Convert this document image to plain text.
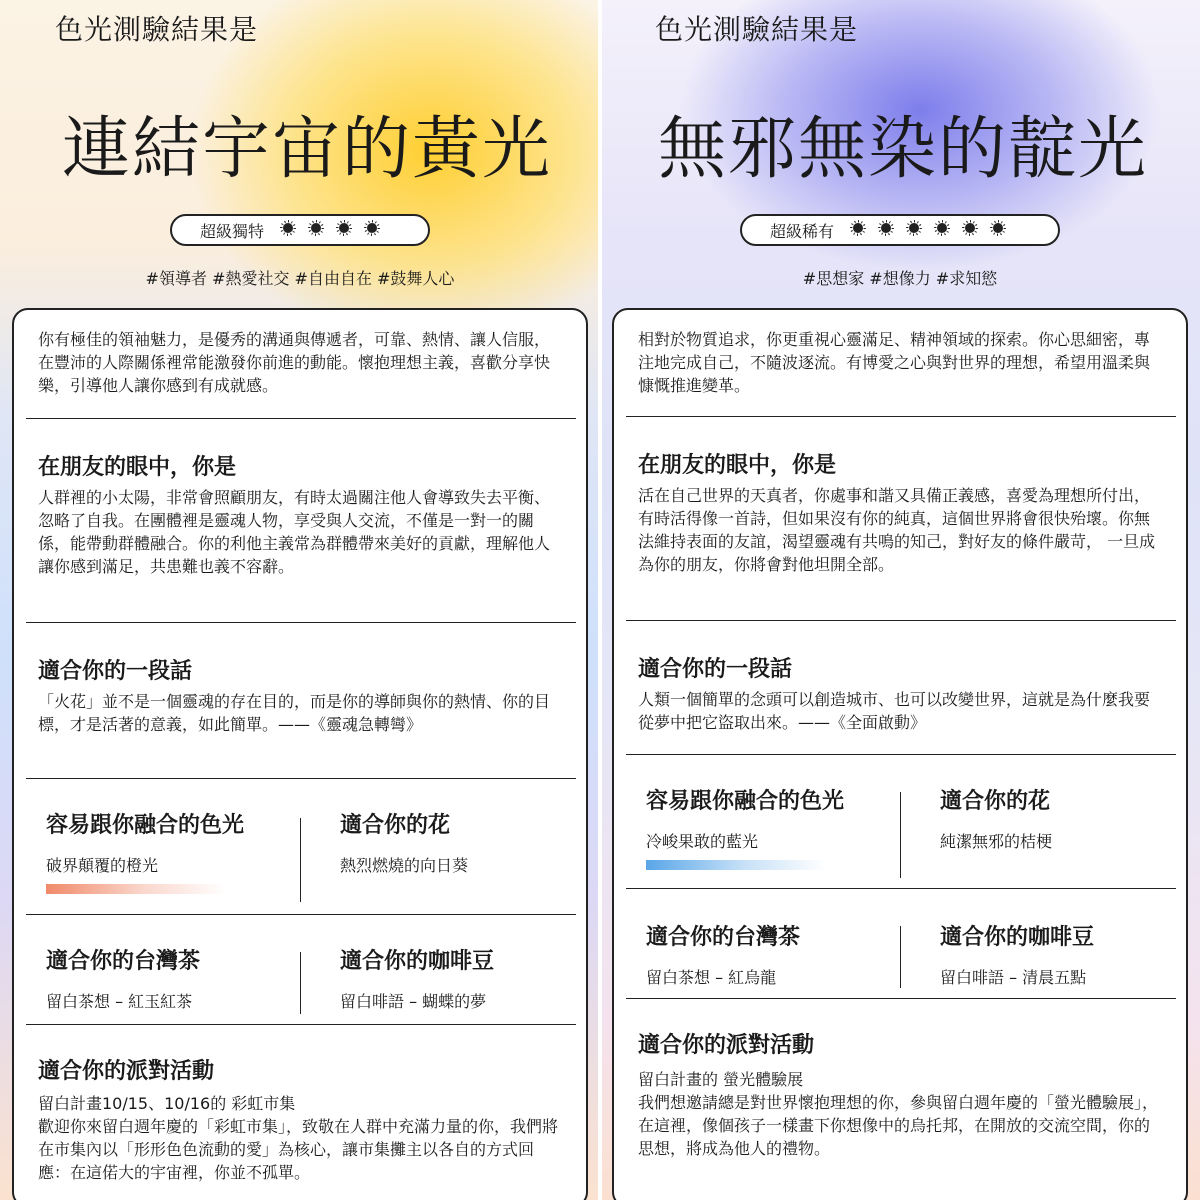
色光測驗結果是
連結宇宙的黃光
超級獨特
#領導者 #熱愛社交 #自由自在 #鼓舞人心
你有極佳的領袖魅力，是優秀的溝通與傳遞者，可靠、熱情、讓人信服，在豐沛的人際關係裡常能激發你前進的動能。懷抱理想主義，喜歡分享快樂，引導他人讓你感到有成就感。
在朋友的眼中，你是
人群裡的小太陽，非常會照顧朋友，有時太過關注他人會導致失去平衡、忽略了自我。在團體裡是靈魂人物，享受與人交流，不僅是一對一的關係，能帶動群體融合。你的利他主義常為群體帶來美好的貢獻，理解他人讓你感到滿足，共患難也義不容辭。
適合你的一段話
「火花」並不是一個靈魂的存在目的，而是你的導師與你的熱情、你的目標，才是活著的意義，如此簡單。——《靈魂急轉彎》
容易跟你融合的色光
破界顛覆的橙光
適合你的花
熱烈燃燒的向日葵
適合你的台灣茶
留白茶想 – 紅玉紅茶
適合你的咖啡豆
留白啡語 – 蝴蝶的夢
適合你的派對活動
留白計畫10/15、10/16的 彩虹市集
歡迎你來留白週年慶的「彩虹市集」，致敬在人群中充滿力量的你，我們將在市集內以「形形色色流動的愛」為核心，讓市集攤主以各自的方式回應：在這偌大的宇宙裡，你並不孤單。
色光測驗結果是
無邪無染的靛光
超級稀有
#思想家 #想像力 #求知慾
相對於物質追求，你更重視心靈滿足、精神領域的探索。你心思細密，專注地完成自己，不隨波逐流。有博愛之心與對世界的理想，希望用溫柔與慷慨推進變革。
在朋友的眼中，你是
活在自己世界的天真者，你處事和諧又具備正義感，喜愛為理想所付出，有時活得像一首詩，但如果沒有你的純真，這個世界將會很快殆壞。你無法維持表面的友誼，渴望靈魂有共鳴的知己，對好友的條件嚴苛， 一旦成為你的朋友，你將會對他坦開全部。
適合你的一段話
人類一個簡單的念頭可以創造城市、也可以改變世界，這就是為什麼我要從夢中把它盜取出來。——《全面啟動》
容易跟你融合的色光
冷峻果敢的藍光
適合你的花
純潔無邪的桔梗
適合你的台灣茶
留白茶想 – 紅烏龍
適合你的咖啡豆
留白啡語 – 清晨五點
適合你的派對活動
留白計畫的 螢光體驗展
我們想邀請總是對世界懷抱理想的你，參與留白週年慶的「螢光體驗展」，在這裡，像個孩子一樣畫下你想像中的烏托邦，在開放的交流空間，你的思想，將成為他人的禮物。
